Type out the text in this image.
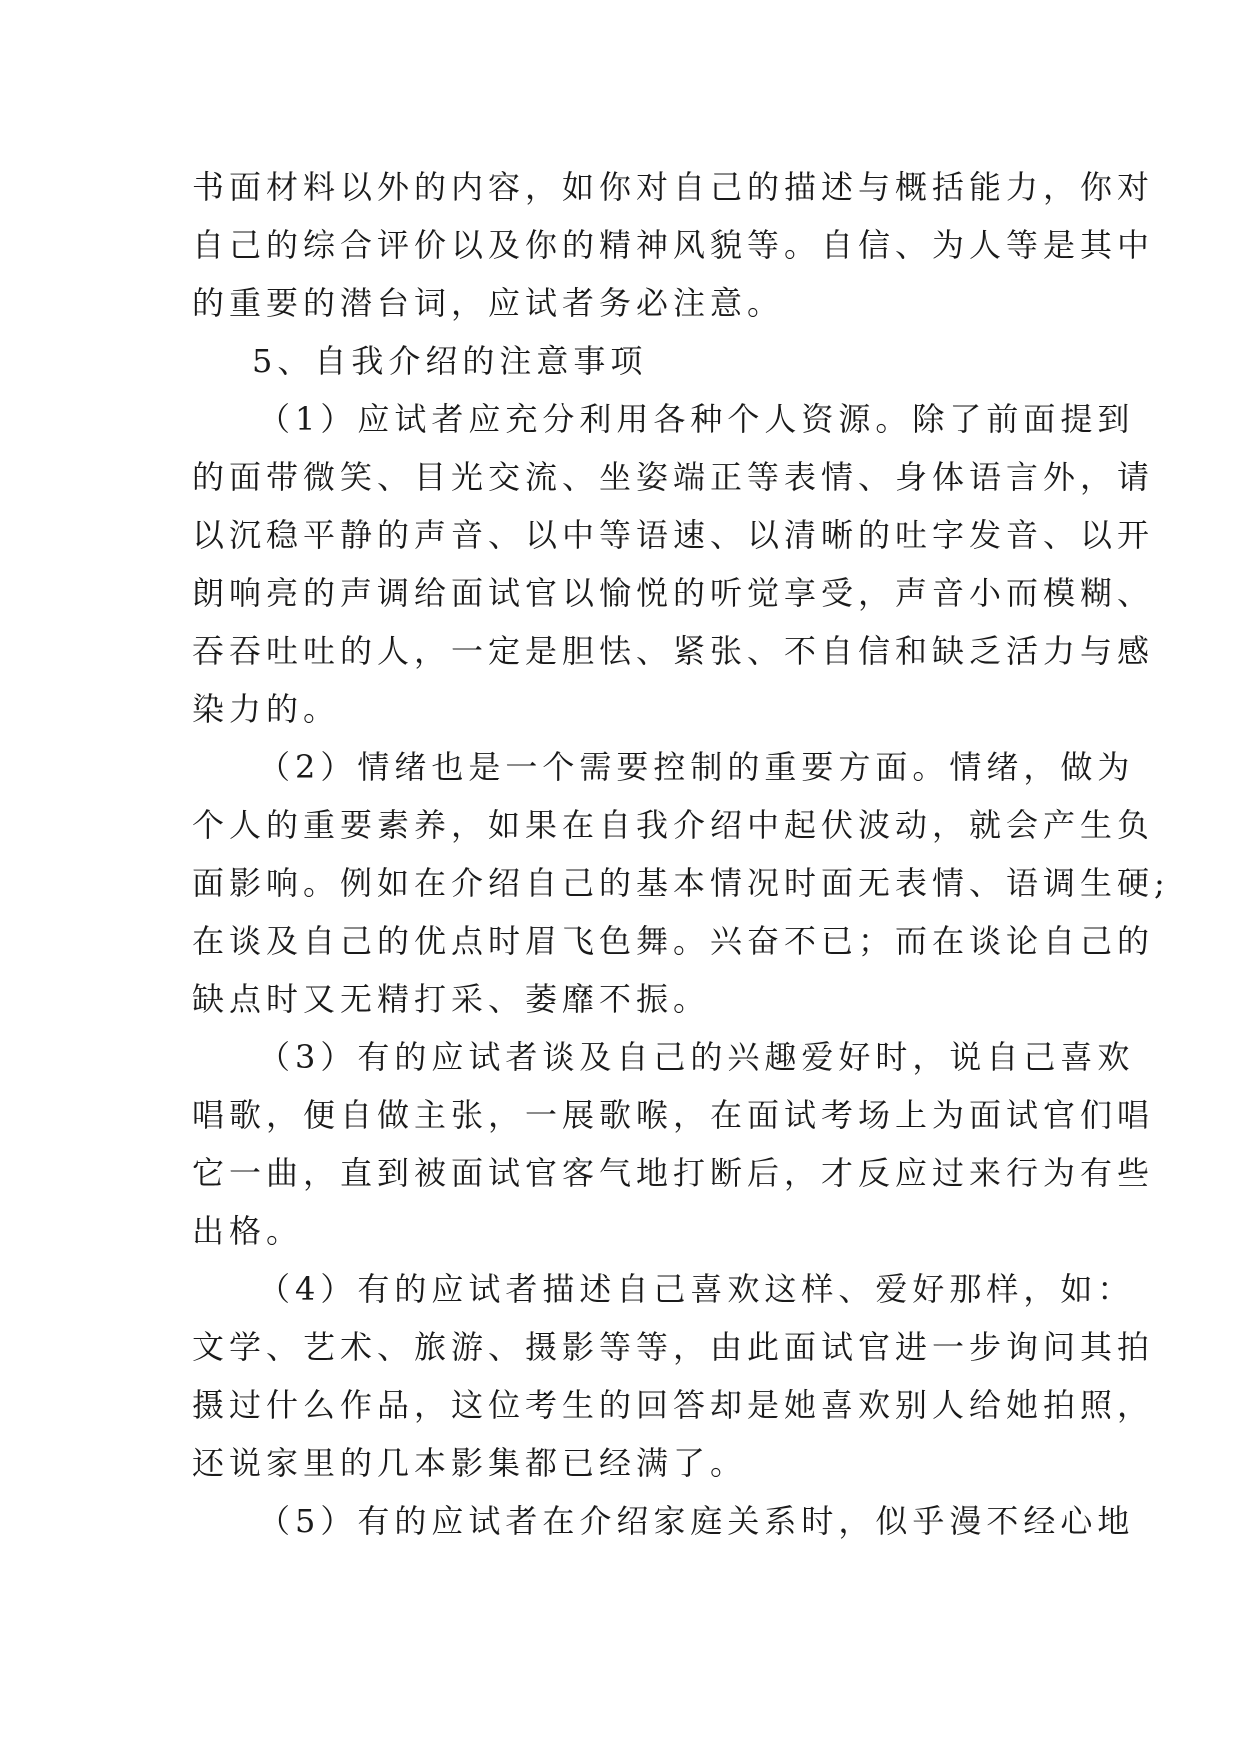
书面材料以外的内容，如你对自己的描述与概括能力，你对
自己的综合评价以及你的精神风貌等。自信、为人等是其中
的重要的潜台词，应试者务必注意。
5、自我介绍的注意事项
（1）应试者应充分利用各种个人资源。除了前面提到
的面带微笑、目光交流、坐姿端正等表情、身体语言外，请
以沉稳平静的声音、以中等语速、以清晰的吐字发音、以开
朗响亮的声调给面试官以愉悦的听觉享受，声音小而模糊、
吞吞吐吐的人，一定是胆怯、紧张、不自信和缺乏活力与感
染力的。
（2）情绪也是一个需要控制的重要方面。情绪，做为
个人的重要素养，如果在自我介绍中起伏波动，就会产生负
面影响。例如在介绍自己的基本情况时面无表情、语调生硬;
在谈及自己的优点时眉飞色舞。兴奋不已；而在谈论自己的
缺点时又无精打采、萎靡不振。
（3）有的应试者谈及自己的兴趣爱好时，说自己喜欢
唱歌，便自做主张，一展歌喉，在面试考场上为面试官们唱
它一曲，直到被面试官客气地打断后，才反应过来行为有些
出格。
（4）有的应试者描述自己喜欢这样、爱好那样，如：
文学、艺术、旅游、摄影等等，由此面试官进一步询问其拍
摄过什么作品，这位考生的回答却是她喜欢别人给她拍照，
还说家里的几本影集都已经满了。
（5）有的应试者在介绍家庭关系时，似乎漫不经心地
